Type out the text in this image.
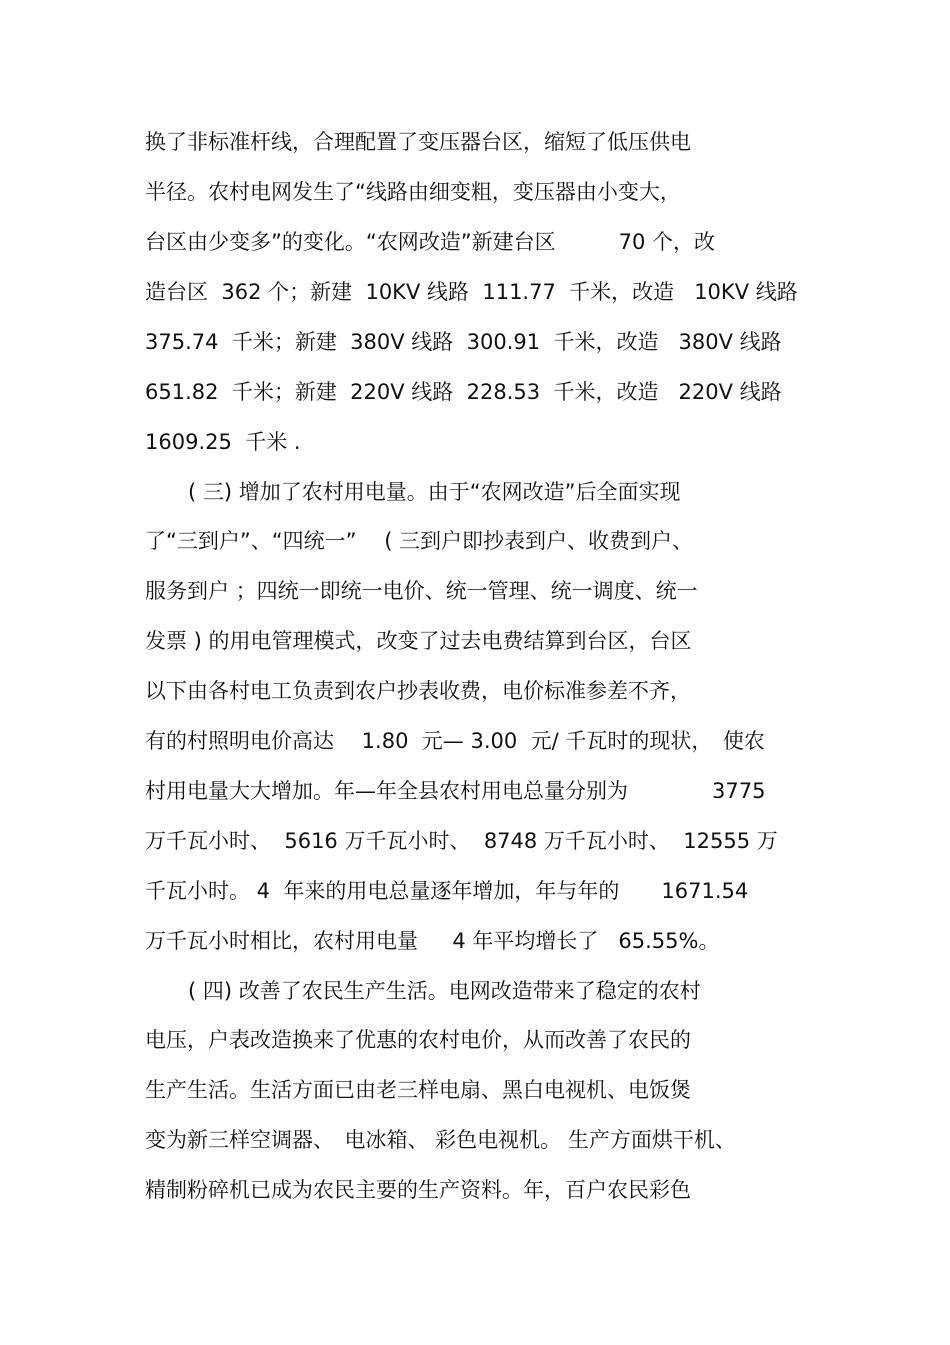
换了非标准杆线，合理配置了变压器台区，缩短了低压供电
半径。农村电网发生了“线路由细变粗，变压器由小变大，
台区由少变多”的变化。“农网改造”新建台区　　　70 个，改
造台区  362 个；新建  10KV 线路  111.77  千米，改造   10KV 线路
375.74  千米；新建  380V 线路  300.91  千米，改造   380V 线路
651.82  千米；新建  220V 线路  228.53  千米，改造   220V 线路
1609.25  千米 .
( 三) 增加了农村用电量。由于“农网改造”后全面实现
了“三到户”、“四统一”　 ( 三到户即抄表到户、收费到户、
服务到户 ；四统一即统一电价、统一管理、统一调度、统一
发票 ) 的用电管理模式，改变了过去电费结算到台区，台区
以下由各村电工负责到农户抄表收费，电价标准参差不齐，
有的村照明电价高达　 1.80  元— 3.00  元/ 千瓦时的现状，　使农
村用电量大大增加。年—年全县农村用电总量分别为　　　　3775
万千瓦小时、  5616 万千瓦小时、  8748 万千瓦小时、  12555 万
千瓦小时。 4  年来的用电总量逐年增加，年与年的　　1671.54
万千瓦小时相比，农村用电量　  4 年平均增长了   65.55%。
( 四) 改善了农民生产生活。电网改造带来了稳定的农村
电压，户表改造换来了优惠的农村电价，从而改善了农民的
生产生活。生活方面已由老三样电扇、黑白电视机、电饭煲
变为新三样空调器、　电冰箱、 彩色电视机。 生产方面烘干机、
精制粉碎机已成为农民主要的生产资料。年，百户农民彩色
